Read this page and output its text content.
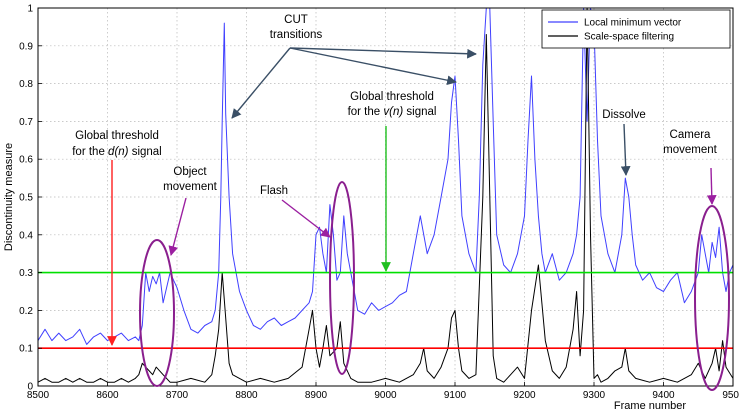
8500	8600	8700	8800	8900	9000	9100	9200	9300	9400	950
0
0.1
0.2
0.3
0.4
0.5
0.6
0.7
0.8
0.9
1
Frame number
Discontinuity measure
Local minimum vector
Scale-space filtering
CUT
transitions
Global threshold
for the v(n) signal
Global threshold
for the d(n) signal
Object
movement	Flash
Dissolve
Camera
movement
